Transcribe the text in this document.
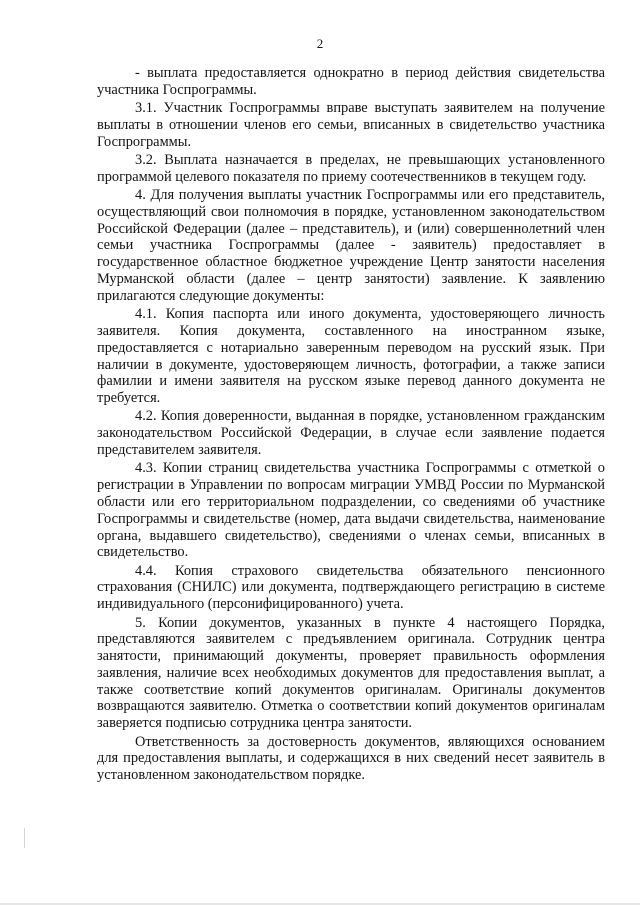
2

- выплата предоставляется однократно в период действия свидетельства участника Госпрограммы.

3.1. Участник Госпрограммы вправе выступать заявителем на получение выплаты в отношении членов его семьи, вписанных в свидетельство участника Госпрограммы.

3.2. Выплата назначается в пределах, не превышающих установленного программой целевого показателя по приему соотечественников в текущем году.

4. Для получения выплаты участник Госпрограммы или его представитель, осуществляющий свои полномочия в порядке, установленном законодательством Российской Федерации (далее – представитель), и (или) совершеннолетний член семьи участника Госпрограммы (далее - заявитель) предоставляет в государственное областное бюджетное учреждение Центр занятости населения Мурманской области (далее – центр занятости) заявление. К заявлению прилагаются следующие документы:

4.1. Копия паспорта или иного документа, удостоверяющего личность заявителя. Копия документа, составленного на иностранном языке, предоставляется с нотариально заверенным переводом на русский язык. При наличии в документе, удостоверяющем личность, фотографии, а также записи фамилии и имени заявителя на русском языке перевод данного документа не требуется.

4.2. Копия доверенности, выданная в порядке, установленном гражданским законодательством Российской Федерации, в случае если заявление подается представителем заявителя.

4.3. Копии страниц свидетельства участника Госпрограммы с отметкой о регистрации в Управлении по вопросам миграции УМВД России по Мурманской области или его территориальном подразделении, со сведениями об участнике Госпрограммы и свидетельстве (номер, дата выдачи свидетельства, наименование органа, выдавшего свидетельство), сведениями о членах семьи, вписанных в свидетельство.

4.4. Копия страхового свидетельства обязательного пенсионного страхования (СНИЛС) или документа, подтверждающего регистрацию в системе индивидуального (персонифицированного) учета.

5. Копии документов, указанных в пункте 4 настоящего Порядка, представляются заявителем с предъявлением оригинала. Сотрудник центра занятости, принимающий документы, проверяет правильность оформления заявления, наличие всех необходимых документов для предоставления выплат, а также соответствие копий документов оригиналам. Оригиналы документов возвращаются заявителю. Отметка о соответствии копий документов оригиналам заверяется подписью сотрудника центра занятости.

Ответственность за достоверность документов, являющихся основанием для предоставления выплаты, и содержащихся в них сведений несет заявитель в установленном законодательством порядке.
